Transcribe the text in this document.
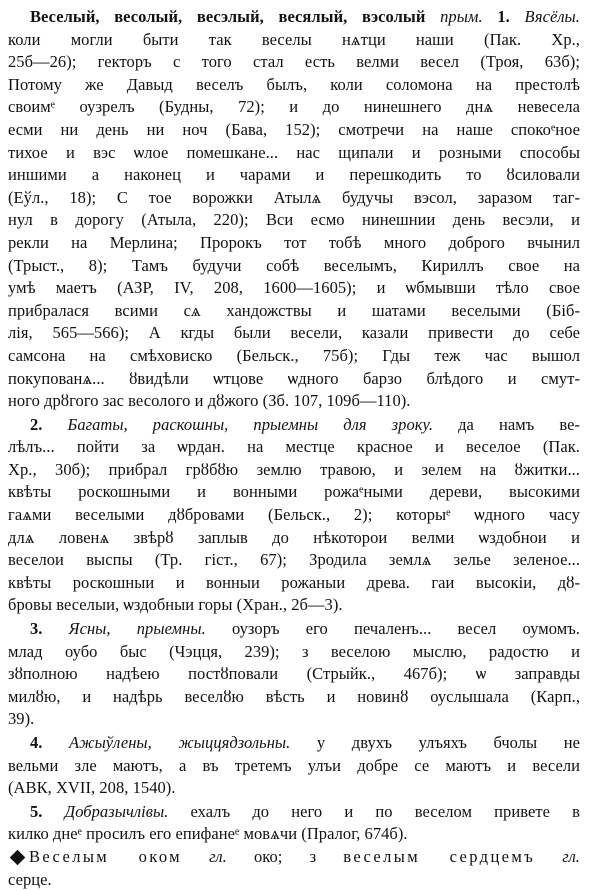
Веселый, весолый, весэлый, весялый, вэсолый прым. 1. Вясёлы.
коли могли быти так веселы нѧтци наши (Пак. Хр.,
25б—26); гекторъ с того стал есть велми весел (Троя, 63б);
Потому же Давыд веселъ былъ, коли соломона на престолѣ
своимᵉ оузрелъ (Будны, 72); и до нинешнего днѧ невесела
есми ни день ни ноч (Бава, 152); смотречи на наше спокоᵉное
тихое и вэс ѡлое помешканe... нас щипали и розными способы
иншими а наконец и чарами и перешкодить то ȣсиловали
(Еўл., 18); С тое ворожки Атылѧ будучы вэсол, заразом тaг-
нул в дорогу (Атыла, 220); Вси есмо нинешнии день весэли, и
рекли на Мерлина; Пророкъ тот тобѣ много доброго вчынил
(Трыст., 8); Тамъ будучи собѣ веселымъ, Кириллъ свое на
умѣ маетъ (АЗР, IV, 208, 1600—1605); и ѡбмывши тѣло свое
прибралася всими сѧ хандожствы и шатами веселыми (Біб-
лія, 565—566); А кгды были весели, казали привести до себе
самсона на смѣховиско (Бельск., 75б); Гды теж час вышол
покупованѧ... ȣвидѣли ѡтцове ѡдного барзо блѣдого и смут-
ного дрȣгого зас весолого и дȣжого (Зб. 107, 109б—110).
2. Багаты, раскошны, прыемны для зроку. да намъ ве-
лѣлъ... пойти за ѡрдан. на местце красное и веселое (Пак.
Хр., 30б); прибрал грȣбȣю землю травою, и зелем на ȣжитки...
квѣты роскошными и вонными рожаᵉными дереви, высокими
гаѧми веселыми дȣбровами (Бельск., 2); которыᵉ ѡдного часу
длѧ ловенѧ звѣрȣ заплыв до нѣкоторои велми ѡздобнои и
веселои выспы (Тр. гiст., 67); Зродила землѧ зелье зеленое...
квѣты роскошныи и вонныи рожаныи древа. гаи высокіи, дȣ-
бровы веселыи, ѡздобныи горы (Хран., 2б—3).
3. Ясны, прыемны. оузоръ его печаленъ... весел оумомъ.
млад оубо быс (Чэцця, 239); з веселою мыслю, радостю и
зȣполною надѣею постȣповали (Стрыйк., 467б); ѡ заправды
милȣю, и надѣрь веселȣю вѣсть и новинȣ оуслышала (Карп.,
39).
4. Ажыўлены, жыццядзольны. у двухъ улъяхъ бчолы не
вельми зле маютъ, а въ третемъ улъи добре се маютъ и весели
(АВК, XVII, 208, 1540).
5. Добразычлівы. ехалъ до него и по веселом привете в
килко днеᵉ просилъ его епифанеᵉ мовѧчи (Пралог, 674б).
Веселым оком гл. око; з веселым сердцемъ гл.
серце.
